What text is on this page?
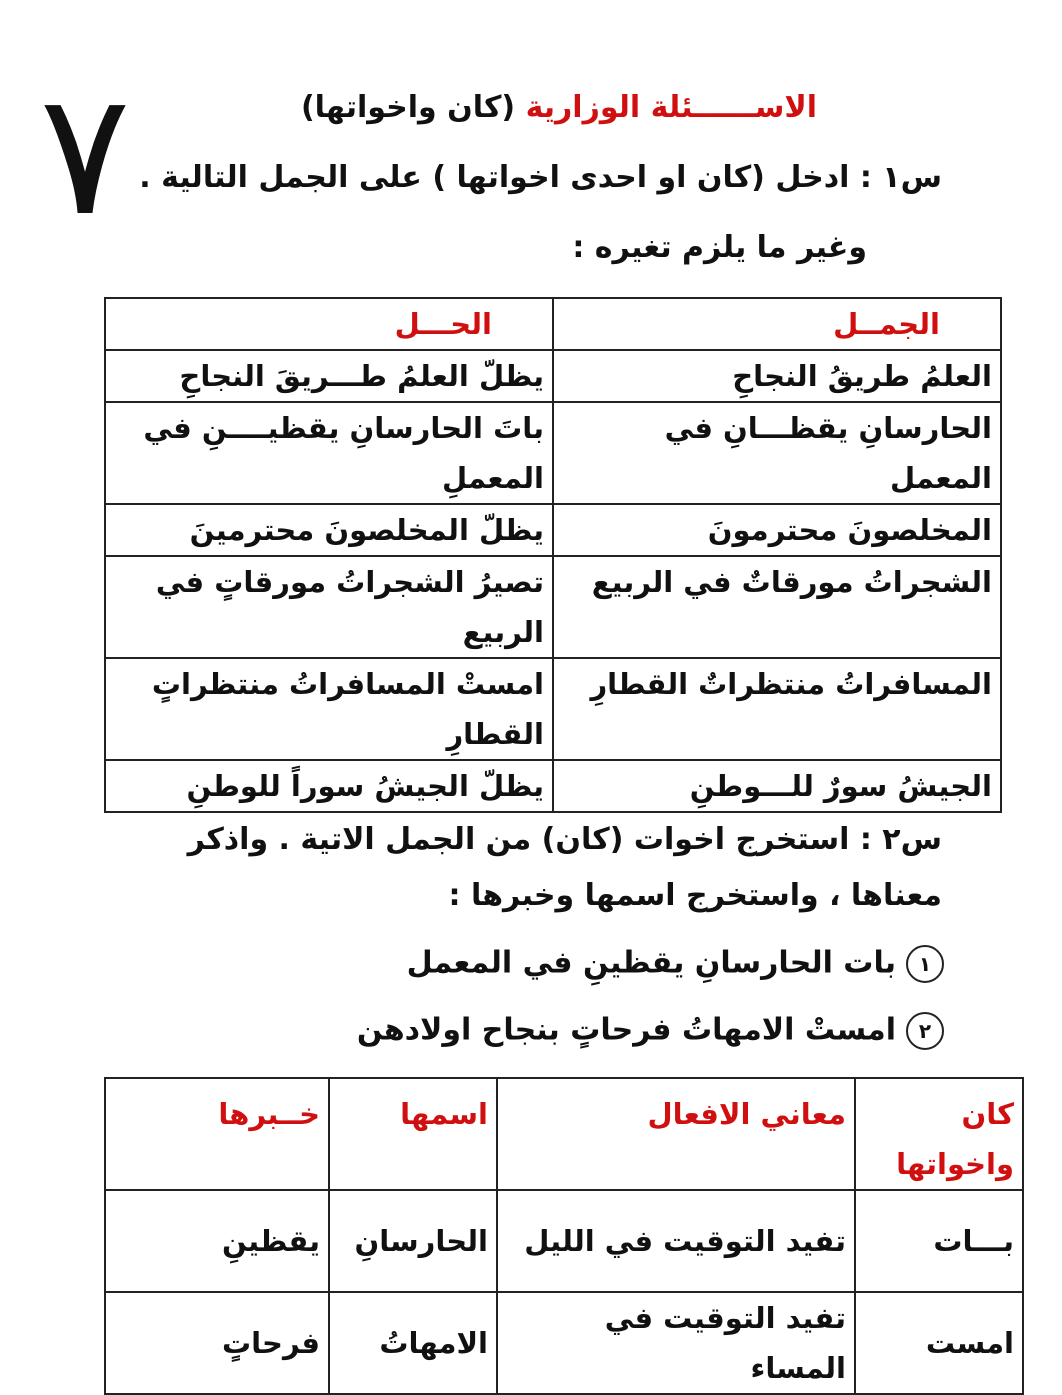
٧	الاســــــئلة الوزارية (كان واخواتها)
س١ : ادخل (كان او احدى اخواتها ) على الجمل التالية .
وغير ما يلزم تغيره :
الجمــل	الحـــل
العلمُ طريقُ النجاحِ	يظلّ العلمُ طـــريقَ النجاحِ
الحارسانِ يقظـــانِ في المعمل	باتَ الحارسانِ يقظيــــنِ في المعملِ
المخلصونَ محترمونَ	يظلّ المخلصونَ محترمينَ
الشجراتُ مورقاتٌ في الربيع	تصيرُ الشجراتُ مورقاتٍ في الربيع
المسافراتُ منتظراتٌ القطارِ	امستْ المسافراتُ منتظراتٍ القطارِ
الجيشُ سورٌ للـــوطنِ	يظلّ الجيشُ سوراً للوطنِ
س٢ : استخرج اخوات (كان) من الجمل الاتية . واذكر
معناها ، واستخرج اسمها وخبرها :
١بات الحارسانِ يقظينِ في المعمل
٢امستْ الامهاتُ فرحاتٍ بنجاح اولادهن
كان واخواتها	معاني الافعال	اسمها	خــبرها
بـــات	تفيد التوقيت في الليل	الحارسانِ	يقظينِ
امست	تفيد التوقيت في المساء	الامهاتُ	فرحاتٍ
